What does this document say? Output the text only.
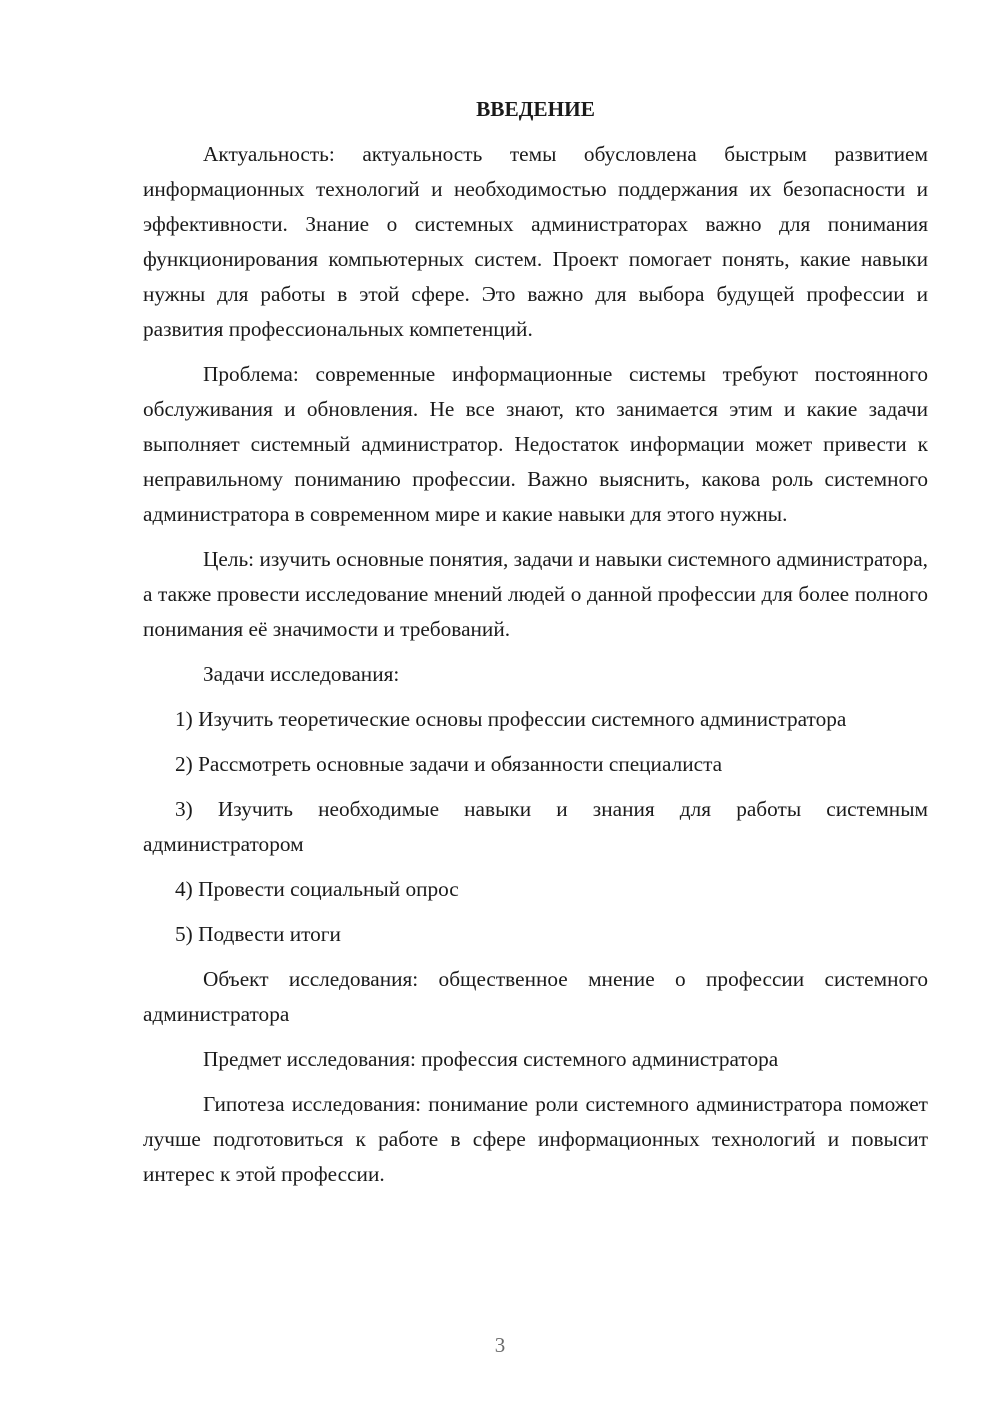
ВВЕДЕНИЕ

Актуальность: актуальность темы обусловлена быстрым развитием информационных технологий и необходимостью поддержания их безопасности и эффективности. Знание о системных администраторах важно для понимания функционирования компьютерных систем. Проект помогает понять, какие навыки нужны для работы в этой сфере. Это важно для выбора будущей профессии и развития профессиональных компетенций.

Проблема: современные информационные системы требуют постоянного обслуживания и обновления. Не все знают, кто занимается этим и какие задачи выполняет системный администратор. Недостаток информации может привести к неправильному пониманию профессии. Важно выяснить, какова роль системного администратора в современном мире и какие навыки для этого нужны.

Цель: изучить основные понятия, задачи и навыки системного администратора, а также провести исследование мнений людей о данной профессии для более полного понимания её значимости и требований.

Задачи исследования:

1) Изучить теоретические основы профессии системного администратора

2) Рассмотреть основные задачи и обязанности специалиста

3) Изучить необходимые навыки и знания для работы системным администратором

4) Провести социальный опрос

5) Подвести итоги

Объект исследования: общественное мнение о профессии системного администратора

Предмет исследования: профессия системного администратора

Гипотеза исследования: понимание роли системного администратора поможет лучше подготовиться к работе в сфере информационных технологий и повысит интерес к этой профессии.

3
